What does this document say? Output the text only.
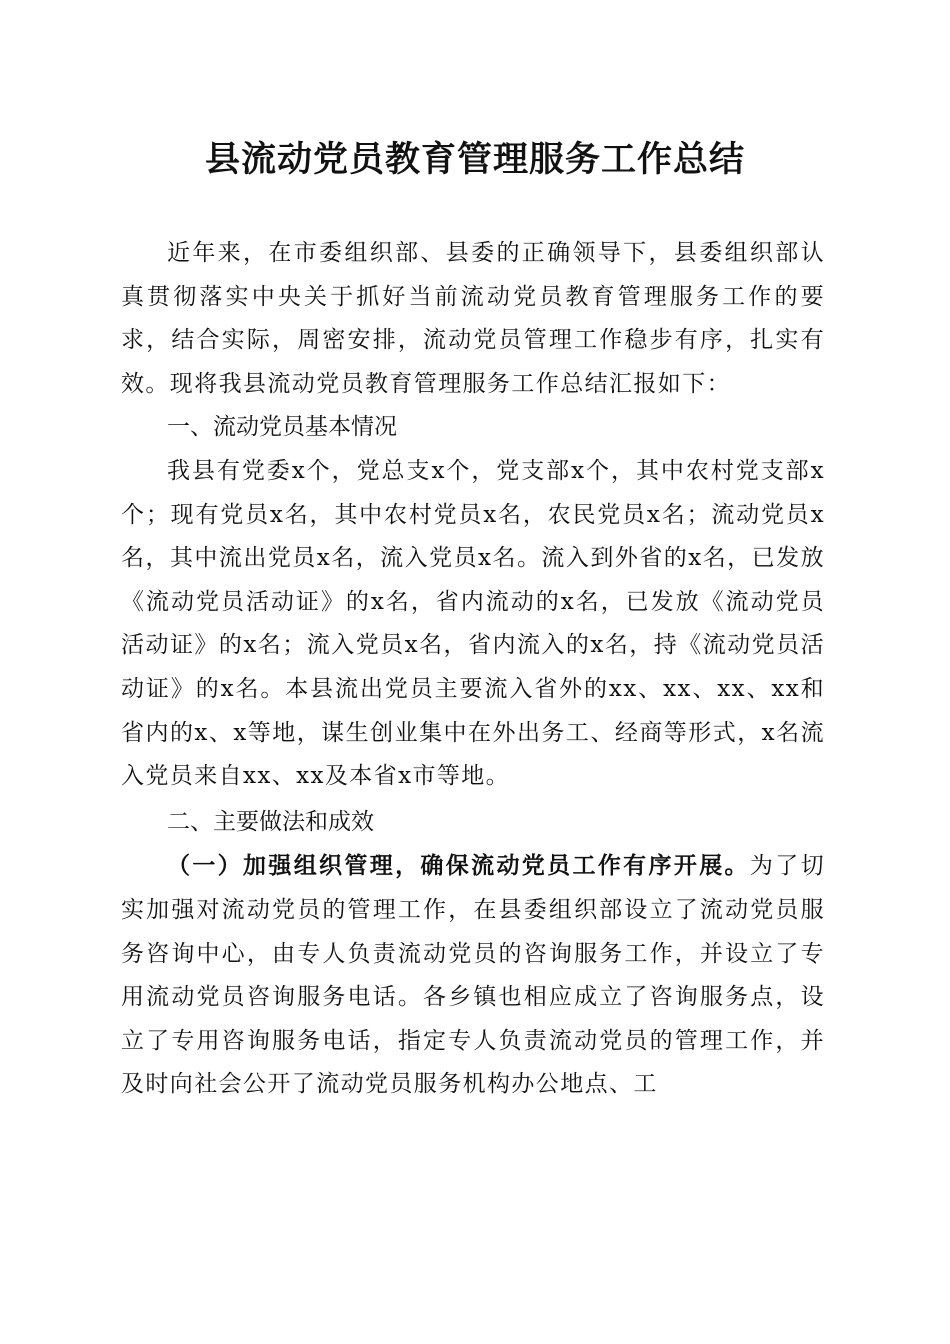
县流动党员教育管理服务工作总结

近年来，在市委组织部、县委的正确领导下，县委组织部认真贯彻落实中央关于抓好当前流动党员教育管理服务工作的要求，结合实际，周密安排，流动党员管理工作稳步有序，扎实有效。现将我县流动党员教育管理服务工作总结汇报如下：

一、流动党员基本情况

我县有党委x个，党总支x个，党支部x个，其中农村党支部x个；现有党员x名，其中农村党员x名，农民党员x名；流动党员x名，其中流出党员x名，流入党员x名。流入到外省的x名，已发放《流动党员活动证》的x名，省内流动的x名，已发放《流动党员活动证》的x名；流入党员x名，省内流入的x名，持《流动党员活动证》的x名。本县流出党员主要流入省外的xx、xx、xx、xx和省内的x、x等地，谋生创业集中在外出务工、经商等形式，x名流入党员来自xx、xx及本省x市等地。

二、主要做法和成效

（一）加强组织管理，确保流动党员工作有序开展。为了切实加强对流动党员的管理工作，在县委组织部设立了流动党员服务咨询中心，由专人负责流动党员的咨询服务工作，并设立了专用流动党员咨询服务电话。各乡镇也相应成立了咨询服务点，设立了专用咨询服务电话，指定专人负责流动党员的管理工作，并及时向社会公开了流动党员服务机构办公地点、工
